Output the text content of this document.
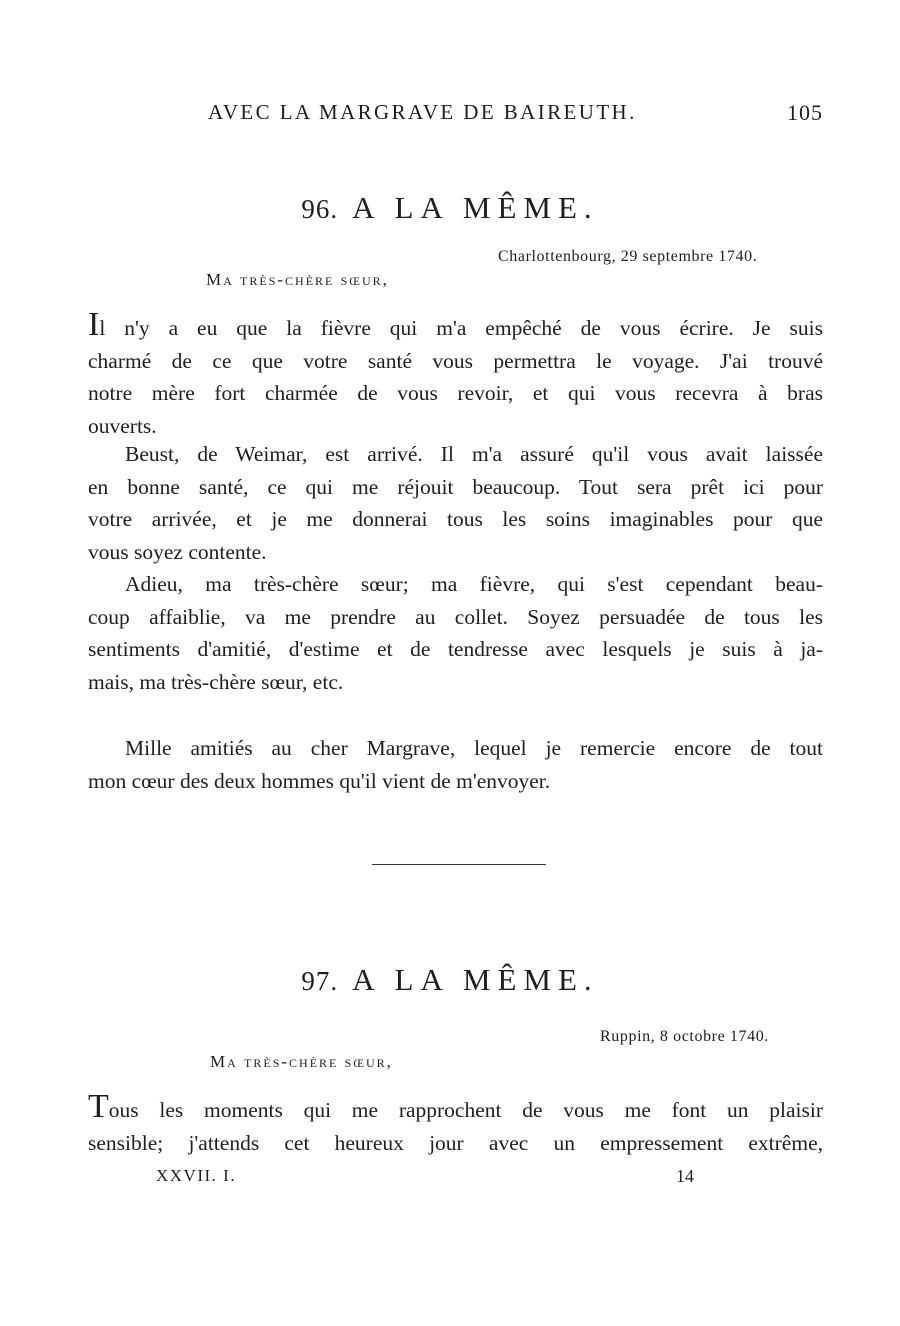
AVEC LA MARGRAVE DE BAIREUTH.	105
96. A LA MÊME.
Charlottenbourg, 29 septembre 1740.
Ma très-chère sœur,
Il n'y a eu que la fièvre qui m'a empêché de vous écrire. Je suis
charmé de ce que votre santé vous permettra le voyage. J'ai trouvé
notre mère fort charmée de vous revoir, et qui vous recevra à bras
ouverts.
Beust, de Weimar, est arrivé. Il m'a assuré qu'il vous avait laissée
en bonne santé, ce qui me réjouit beaucoup. Tout sera prêt ici pour
votre arrivée, et je me donnerai tous les soins imaginables pour que
vous soyez contente.
Adieu, ma très-chère sœur; ma fièvre, qui s'est cependant beau-
coup affaiblie, va me prendre au collet. Soyez persuadée de tous les
sentiments d'amitié, d'estime et de tendresse avec lesquels je suis à ja-
mais, ma très-chère sœur, etc.
Mille amitiés au cher Margrave, lequel je remercie encore de tout
mon cœur des deux hommes qu'il vient de m'envoyer.
97. A LA MÊME.
Ruppin, 8 octobre 1740.
Ma très-chère sœur,
Tous les moments qui me rapprochent de vous me font un plaisir
sensible; j'attends cet heureux jour avec un empressement extrême,
XXVII. I.	14
